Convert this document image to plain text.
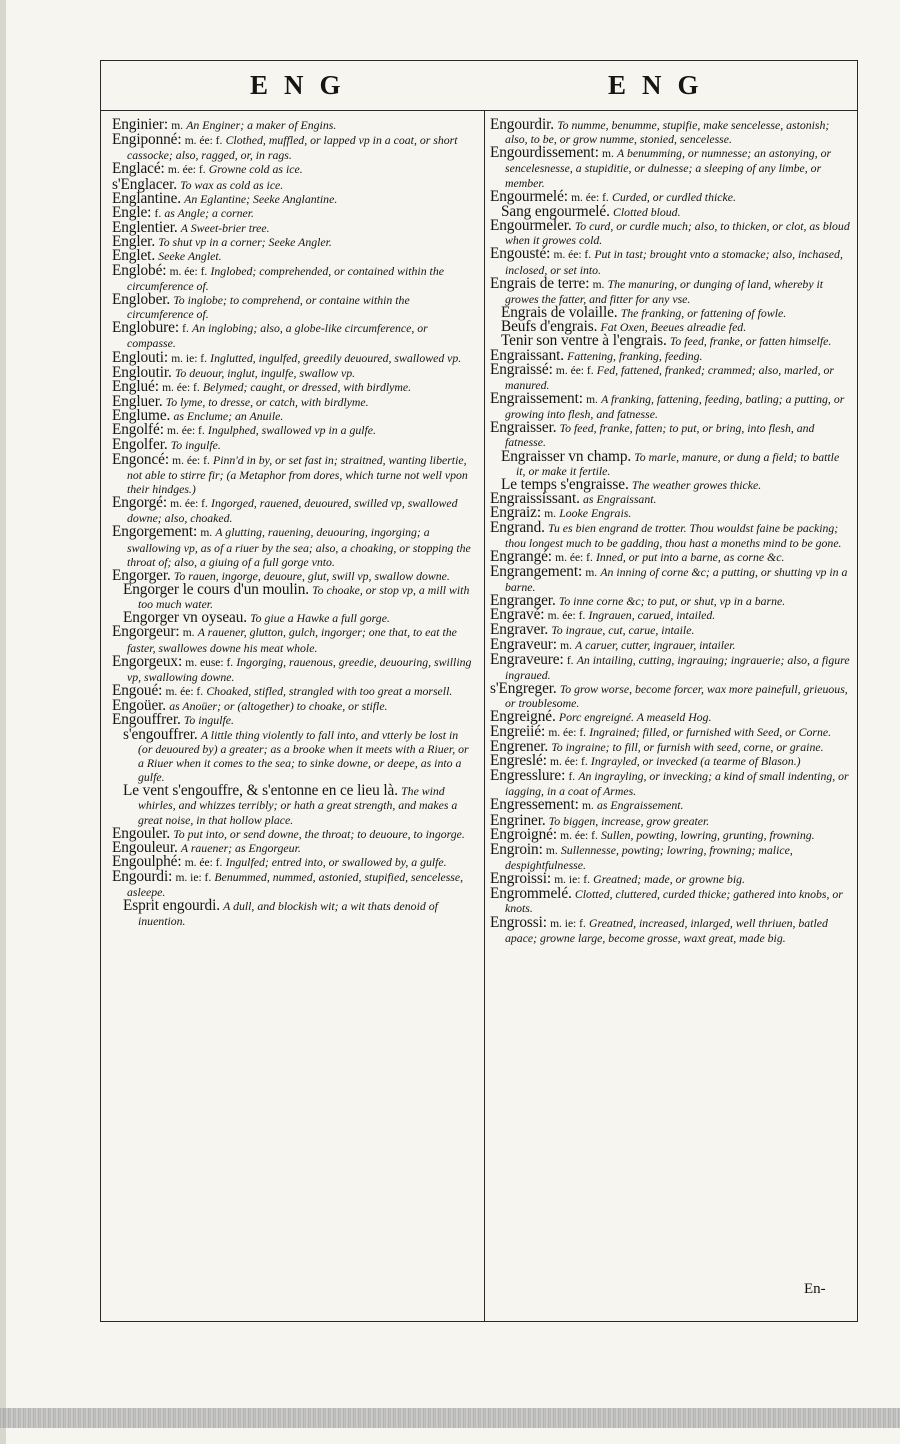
ENG	ENG

Enginier: m. An Enginer; a maker of Engins.

Engiponné: m. ée: f. Clothed, muffled, or lapped vp in a coat, or short cassocke; also, ragged, or, in rags.

Englacé: m. ée: f. Growne cold as ice.

s'Englacer. To wax as cold as ice.

Englantine. An Eglantine; Seeke Anglantine.

Engle: f. as Angle; a corner.

Englentier. A Sweet-brier tree.

Engler. To shut vp in a corner; Seeke Angler.

Englet. Seeke Anglet.

Englobé: m. ée: f. Inglobed; comprehended, or contained within the circumference of.

Englober. To inglobe; to comprehend, or containe within the circumference of.

Englobure: f. An inglobing; also, a globe-like circumference, or compasse.

Englouti: m. ie: f. Inglutted, ingulfed, greedily deuoured, swallowed vp.

Engloutir. To deuour, inglut, ingulfe, swallow vp.

Englué: m. ée: f. Belymed; caught, or dressed, with birdlyme.

Engluer. To lyme, to dresse, or catch, with birdlyme.

Englume. as Enclume; an Anuile.

Engolfé: m. ée: f. Ingulphed, swallowed vp in a gulfe.

Engolfer. To ingulfe.

Engoncé: m. ée: f. Pinn'd in by, or set fast in; straitned, wanting libertie, not able to stirre fir; (a Metaphor from dores, which turne not well vpon their hindges.)

Engorgé: m. ée: f. Ingorged, rauened, deuoured, swilled vp, swallowed downe; also, choaked.

Engorgement: m. A glutting, rauening, deuouring, ingorging; a swallowing vp, as of a riuer by the sea; also, a choaking, or stopping the throat of; also, a giuing of a full gorge vnto.

Engorger. To rauen, ingorge, deuoure, glut, swill vp, swallow downe.

Engorger le cours d'un moulin. To choake, or stop vp, a mill with too much water.

Engorger vn oyseau. To giue a Hawke a full gorge.

Engorgeur: m. A rauener, glutton, gulch, ingorger; one that, to eat the faster, swallowes downe his meat whole.

Engorgeux: m. euse: f. Ingorging, rauenous, greedie, deuouring, swilling vp, swallowing downe.

Engoué: m. ée: f. Choaked, stifled, strangled with too great a morsell.

Engoüer. as Anoüer; or (altogether) to choake, or stifle.

Engouffrer. To ingulfe.

s'engouffrer. A little thing violently to fall into, and vtterly be lost in (or deuoured by) a greater; as a brooke when it meets with a Riuer, or a Riuer when it comes to the sea; to sinke downe, or deepe, as into a gulfe.

Le vent s'engouffre, & s'entonne en ce lieu là. The wind whirles, and whizzes terribly; or hath a great strength, and makes a great noise, in that hollow place.

Engouler. To put into, or send downe, the throat; to deuoure, to ingorge.

Engouleur. A rauener; as Engorgeur.

Engoulphé: m. ée: f. Ingulfed; entred into, or swallowed by, a gulfe.

Engourdi: m. ie: f. Benummed, nummed, astonied, stupified, sencelesse, asleepe.

Esprit engourdi. A dull, and blockish wit; a wit thats denoid of inuention.

Engourdir. To numme, benumme, stupifie, make sencelesse, astonish; also, to be, or grow numme, stonied, sencelesse.

Engourdissement: m. A benumming, or numnesse; an astonying, or sencelesnesse, a stupiditie, or dulnesse; a sleeping of any limbe, or member.

Engourmelé: m. ée: f. Curded, or curdled thicke.

Sang engourmelé. Clotted bloud.

Engourmeler. To curd, or curdle much; also, to thicken, or clot, as bloud when it growes cold.

Engousté: m. ée: f. Put in tast; brought vnto a stomacke; also, inchased, inclosed, or set into.

Engrais de terre: m. The manuring, or dunging of land, whereby it growes the fatter, and fitter for any vse.

Engrais de volaille. The franking, or fattening of fowle.

Beufs d'engrais. Fat Oxen, Beeues alreadie fed.

Tenir son ventre à l'engrais. To feed, franke, or fatten himselfe.

Engraissant. Fattening, franking, feeding.

Engraissé: m. ée: f. Fed, fattened, franked; crammed; also, marled, or manured.

Engraissement: m. A franking, fattening, feeding, batling; a putting, or growing into flesh, and fatnesse.

Engraisser. To feed, franke, fatten; to put, or bring, into flesh, and fatnesse.

Engraisser vn champ. To marle, manure, or dung a field; to battle it, or make it fertile.

Le temps s'engraisse. The weather growes thicke.

Engraississant. as Engraissant.

Engraiz: m. Looke Engrais.

Engrand. Tu es bien engrand de trotter. Thou wouldst faine be packing; thou longest much to be gadding, thou hast a moneths mind to be gone.

Engrangé: m. ée: f. Inned, or put into a barne, as corne &c.

Engrangement: m. An inning of corne &c; a putting, or shutting vp in a barne.

Engranger. To inne corne &c; to put, or shut, vp in a barne.

Engravé: m. ée: f. Ingrauen, carued, intailed.

Engraver. To ingraue, cut, carue, intaile.

Engraveur: m. A caruer, cutter, ingrauer, intailer.

Engraveure: f. An intailing, cutting, ingrauing; ingrauerie; also, a figure ingraued.

s'Engreger. To grow worse, become forcer, wax more painefull, grieuous, or troublesome.

Engreigné. Porc engreigné. A measeld Hog.

Engreiié: m. ée: f. Ingrained; filled, or furnished with Seed, or Corne.

Engrener. To ingraine; to fill, or furnish with seed, corne, or graine.

Engreslé: m. ée: f. Ingrayled, or invecked (a tearme of Blason.)

Engresslure: f. An ingrayling, or invecking; a kind of small indenting, or iagging, in a coat of Armes.

Engressement: m. as Engraissement.

Engriner. To biggen, increase, grow greater.

Engroigné: m. ée: f. Sullen, powting, lowring, grunting, frowning.

Engroin: m. Sullennesse, powting; lowring, frowning; malice, despightfulnesse.

Engroissi: m. ie: f. Greatned; made, or growne big.

Engrommelé. Clotted, cluttered, curded thicke; gathered into knobs, or knots.

Engrossi: m. ie: f. Greatned, increased, inlarged, well thriuen, batled apace; growne large, become grosse, waxt great, made big.

En-
